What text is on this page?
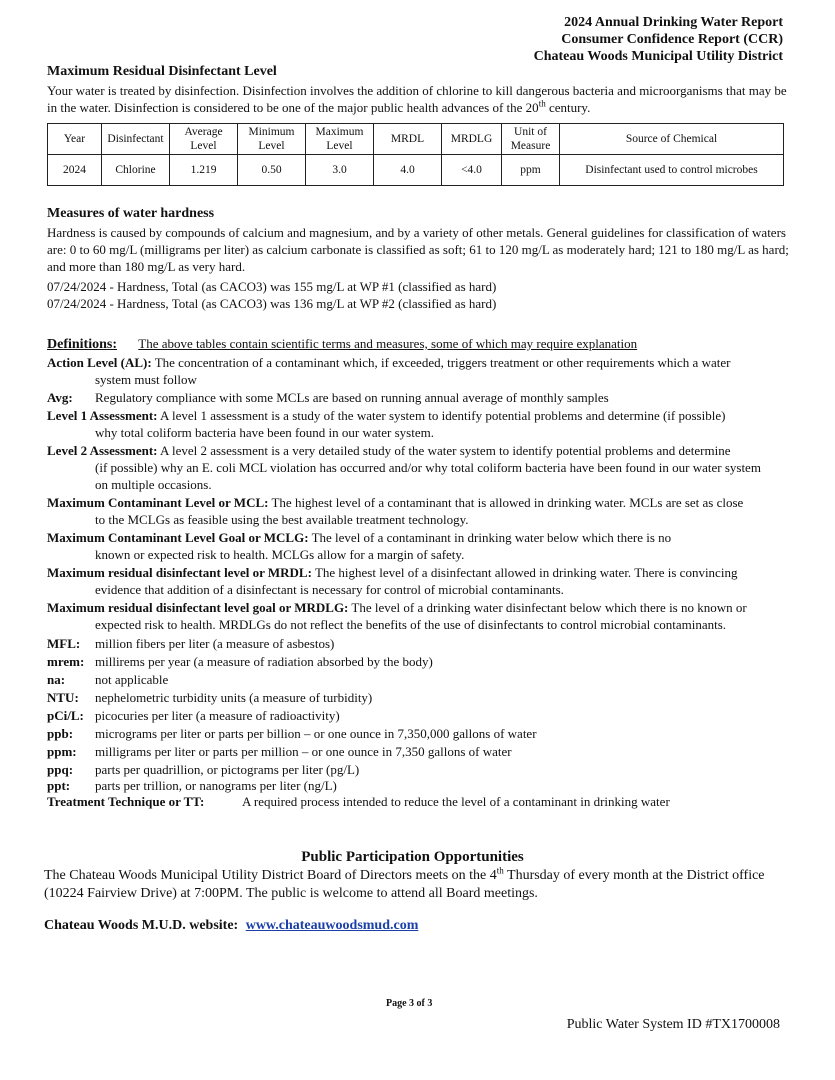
2024 Annual Drinking Water Report
Consumer Confidence Report (CCR)
Chateau Woods Municipal Utility District
Maximum Residual Disinfectant Level
Your water is treated by disinfection. Disinfection involves the addition of chlorine to kill dangerous bacteria and microorganisms that may be in the water. Disinfection is considered to be one of the major public health advances of the 20th century.
Year	Disinfectant	Average Level	Minimum Level	Maximum Level	MRDL	MRDLG	Unit of Measure	Source of Chemical
2024	Chlorine	1.219	0.50	3.0	4.0	<4.0	ppm	Disinfectant used to control microbes
Measures of water hardness
Hardness is caused by compounds of calcium and magnesium, and by a variety of other metals. General guidelines for classification of waters are: 0 to 60 mg/L (milligrams per liter) as calcium carbonate is classified as soft; 61 to 120 mg/L as moderately hard; 121 to 180 mg/L as hard; and more than 180 mg/L as very hard.
07/24/2024 - Hardness, Total (as CACO3) was 155 mg/L at WP #1 (classified as hard)
07/24/2024 - Hardness, Total (as CACO3) was 136 mg/L at WP #2 (classified as hard)
Definitions: The above tables contain scientific terms and measures, some of which may require explanation
Action Level (AL): The concentration of a contaminant which, if exceeded, triggers treatment or other requirements which a water
system must follow
Avg: Regulatory compliance with some MCLs are based on running annual average of monthly samples
Level 1 Assessment: A level 1 assessment is a study of the water system to identify potential problems and determine (if possible)
why total coliform bacteria have been found in our water system.
Level 2 Assessment: A level 2 assessment is a very detailed study of the water system to identify potential problems and determine
(if possible) why an E. coli MCL violation has occurred and/or why total coliform bacteria have been found in our water system on multiple occasions.
Maximum Contaminant Level or MCL: The highest level of a contaminant that is allowed in drinking water. MCLs are set as close
to the MCLGs as feasible using the best available treatment technology.
Maximum Contaminant Level Goal or MCLG: The level of a contaminant in drinking water below which there is no
known or expected risk to health. MCLGs allow for a margin of safety.
Maximum residual disinfectant level or MRDL: The highest level of a disinfectant allowed in drinking water. There is convincing
evidence that addition of a disinfectant is necessary for control of microbial contaminants.
Maximum residual disinfectant level goal or MRDLG: The level of a drinking water disinfectant below which there is no known or
expected risk to health. MRDLGs do not reflect the benefits of the use of disinfectants to control microbial contaminants.
MFL:	million fibers per liter (a measure of asbestos)
mrem: millirems per year (a measure of radiation absorbed by the body)
na:	not applicable
NTU:	nephelometric turbidity units (a measure of turbidity)
pCi/L: picocuries per liter (a measure of radioactivity)
ppb:	micrograms per liter or parts per billion – or one ounce in 7,350,000 gallons of water
ppm:	milligrams per liter or parts per million – or one ounce in 7,350 gallons of water
ppq:	parts per quadrillion, or pictograms per liter (pg/L)
ppt:	parts per trillion, or nanograms per liter (ng/L)
Treatment Technique or TT:	A required process intended to reduce the level of a contaminant in drinking water
Public Participation Opportunities
The Chateau Woods Municipal Utility District Board of Directors meets on the 4th Thursday of every month at the District office (10224 Fairview Drive) at 7:00PM. The public is welcome to attend all Board meetings.
Chateau Woods M.U.D. website: www.chateauwoodsmud.com
Page 3 of 3
Public Water System ID #TX1700008
